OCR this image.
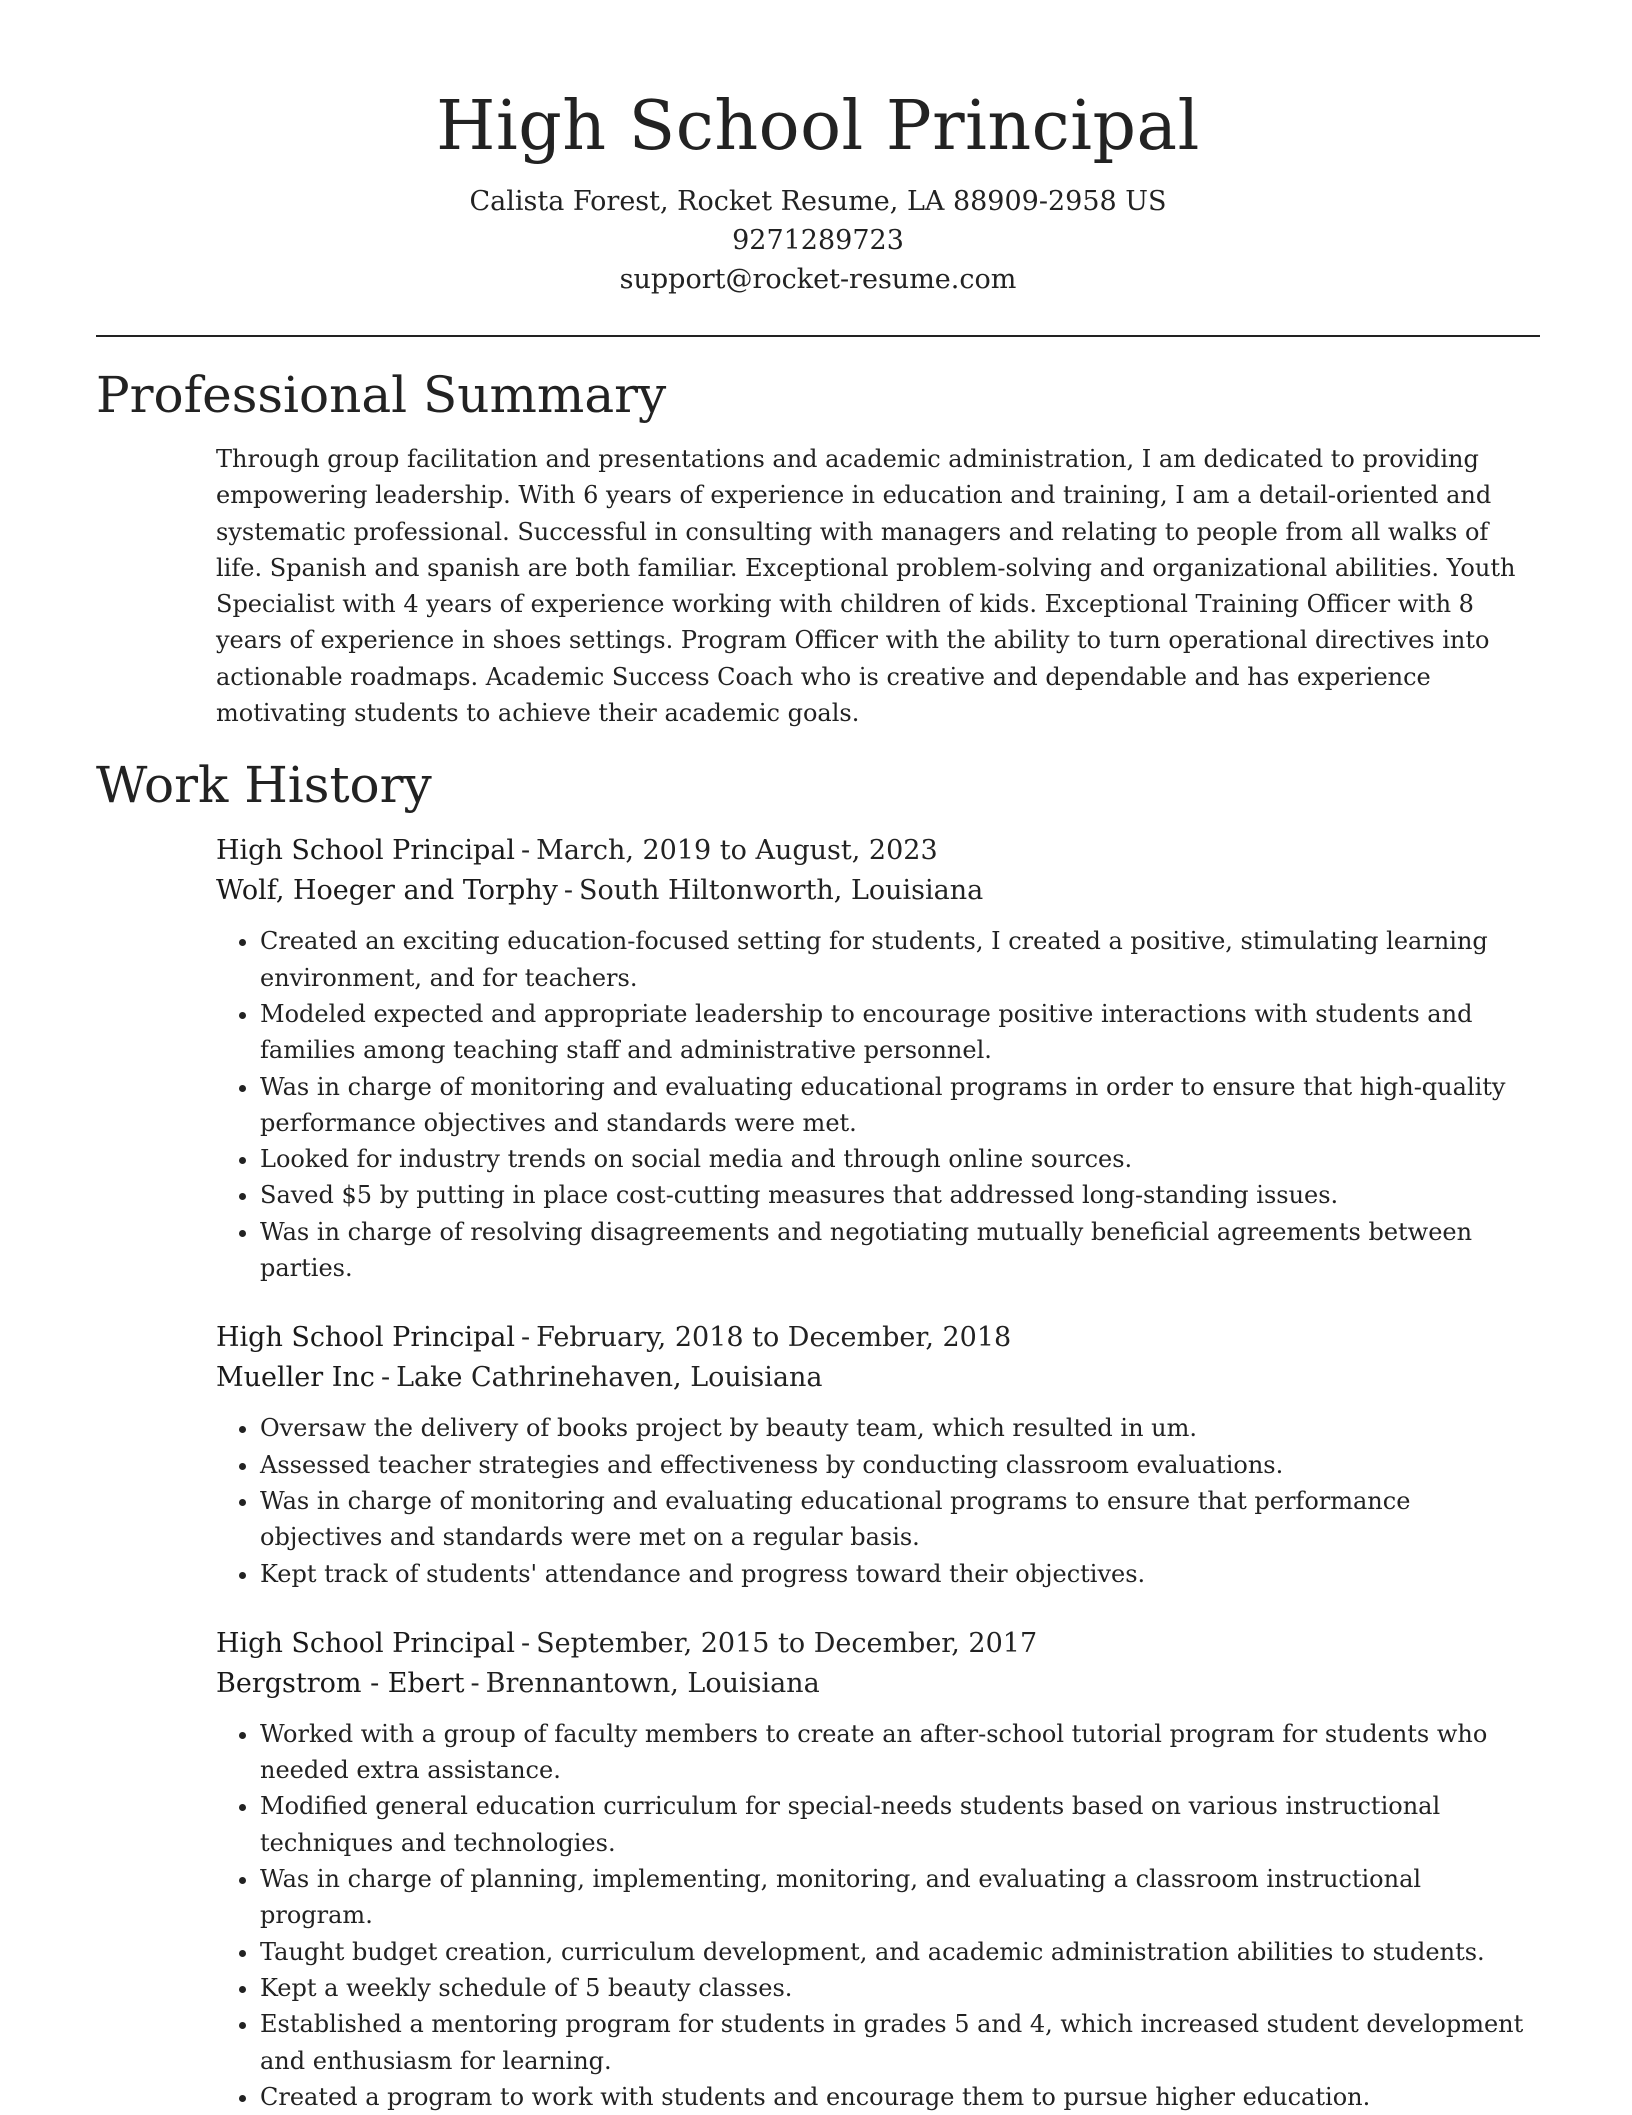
High School Principal
Calista Forest, Rocket Resume, LA 88909-2958 US
9271289723
support@rocket-resume.com
Professional Summary

Through group facilitation and presentations and academic administration, I am dedicated to providing empowering leadership. With 6 years of experience in education and training, I am a detail-oriented and systematic professional. Successful in consulting with managers and relating to people from all walks of life. Spanish and spanish are both familiar. Exceptional problem-solving and organizational abilities. Youth Specialist with 4 years of experience working with children of kids. Exceptional Training Officer with 8 years of experience in shoes settings. Program Officer with the ability to turn operational directives into actionable roadmaps. Academic Success Coach who is creative and dependable and has experience motivating students to achieve their academic goals.

Work History
High School Principal - March, 2019 to August, 2023
Wolf, Hoeger and Torphy - South Hiltonworth, Louisiana
• Created an exciting education-focused setting for students, I created a positive, stimulating learning environment, and for teachers.
• Modeled expected and appropriate leadership to encourage positive interactions with students and families among teaching staff and administrative personnel.
• Was in charge of monitoring and evaluating educational programs in order to ensure that high-quality performance objectives and standards were met.
• Looked for industry trends on social media and through online sources.
• Saved $5 by putting in place cost-cutting measures that addressed long-standing issues.
• Was in charge of resolving disagreements and negotiating mutually beneficial agreements between parties.
High School Principal - February, 2018 to December, 2018
Mueller Inc - Lake Cathrinehaven, Louisiana
• Oversaw the delivery of books project by beauty team, which resulted in um.
• Assessed teacher strategies and effectiveness by conducting classroom evaluations.
• Was in charge of monitoring and evaluating educational programs to ensure that performance objectives and standards were met on a regular basis.
• Kept track of students' attendance and progress toward their objectives.
High School Principal - September, 2015 to December, 2017
Bergstrom - Ebert - Brennantown, Louisiana
• Worked with a group of faculty members to create an after-school tutorial program for students who needed extra assistance.
• Modified general education curriculum for special-needs students based on various instructional techniques and technologies.
• Was in charge of planning, implementing, monitoring, and evaluating a classroom instructional program.
• Taught budget creation, curriculum development, and academic administration abilities to students.
• Kept a weekly schedule of 5 beauty classes.
• Established a mentoring program for students in grades 5 and 4, which increased student development and enthusiasm for learning.
• Created a program to work with students and encourage them to pursue higher education.
